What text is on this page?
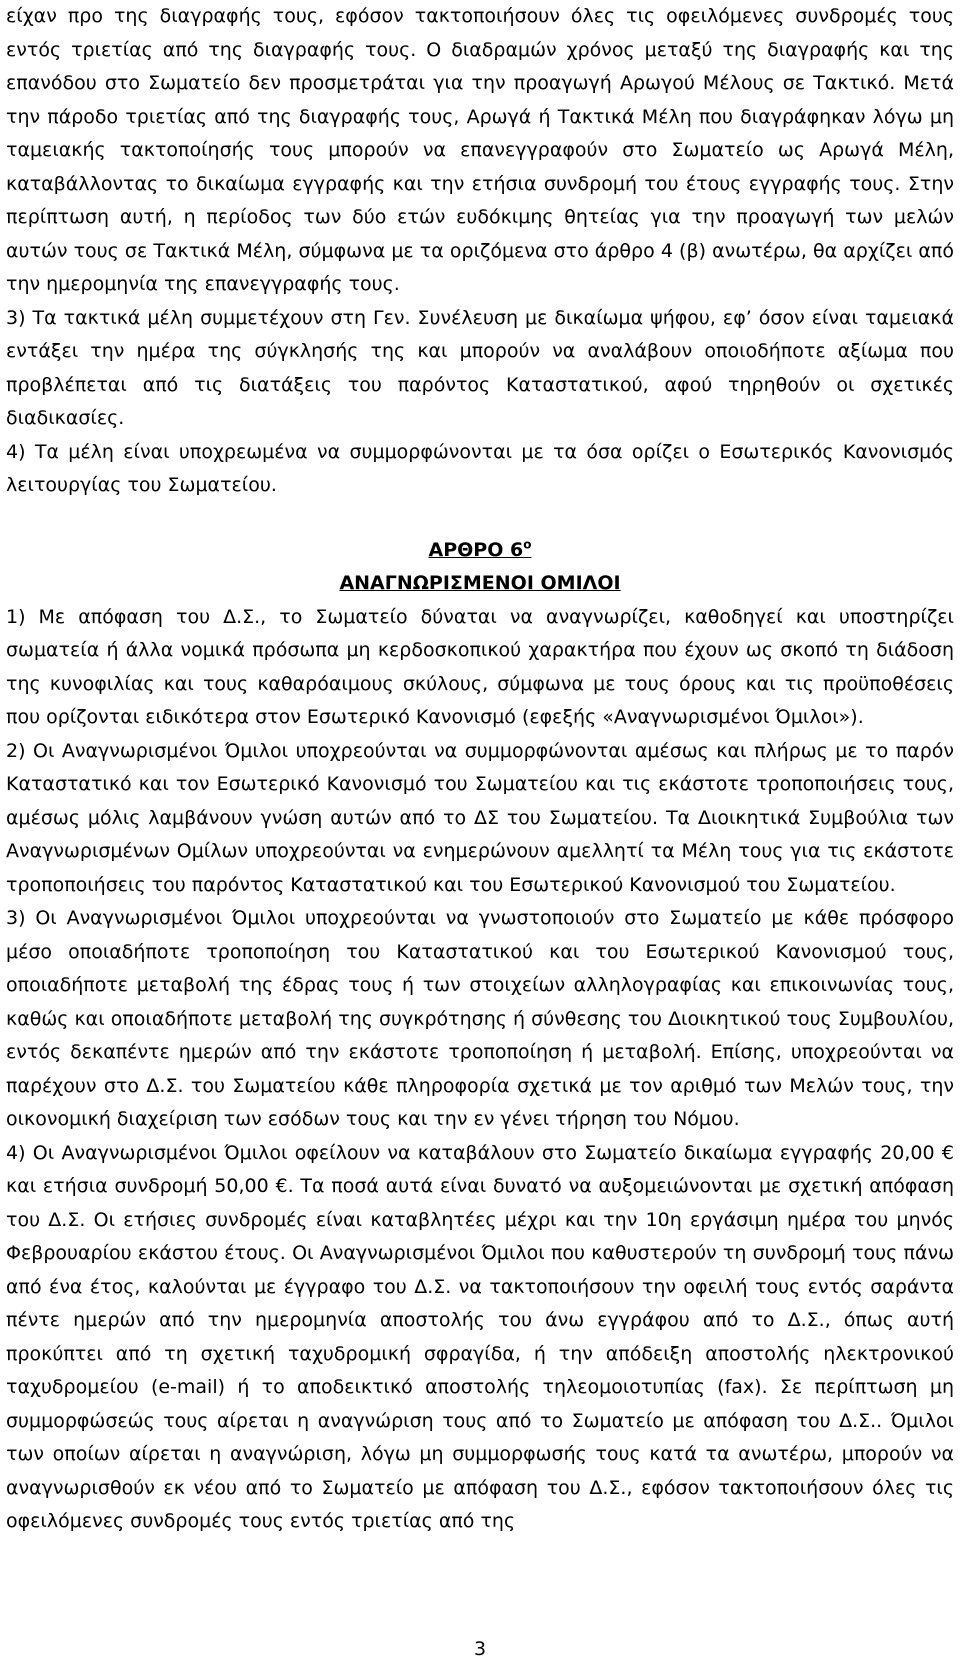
είχαν προ της διαγραφής τους, εφόσον τακτοποιήσουν όλες τις οφειλόμενες συνδρομές τους εντός τριετίας από της διαγραφής τους. Ο διαδραμών χρόνος μεταξύ της διαγραφής και της επανόδου στο Σωματείο δεν προσμετράται για την προαγωγή Αρωγού Μέλους σε Τακτικό. Μετά την πάροδο τριετίας από της διαγραφής τους, Αρωγά ή Τακτικά Μέλη που διαγράφηκαν λόγω μη ταμειακής τακτοποίησής τους μπορούν να επανεγγραφούν στο Σωματείο ως Αρωγά Μέλη, καταβάλλοντας το δικαίωμα εγγραφής και την ετήσια συνδρομή του έτους εγγραφής τους. Στην περίπτωση αυτή, η περίοδος των δύο ετών ευδόκιμης θητείας για την προαγωγή των μελών αυτών τους σε Τακτικά Μέλη, σύμφωνα με τα οριζόμενα στο άρθρο 4 (β) ανωτέρω, θα αρχίζει από την ημερομηνία της επανεγγραφής τους.

3) Τα τακτικά μέλη συμμετέχουν στη Γεν. Συνέλευση με δικαίωμα ψήφου, εφ’ όσον είναι ταμειακά εντάξει την ημέρα της σύγκλησής της και μπορούν να αναλάβουν οποιοδήποτε αξίωμα που προβλέπεται από τις διατάξεις του παρόντος Καταστατικού, αφού τηρηθούν οι σχετικές διαδικασίες.

4) Τα μέλη είναι υποχρεωμένα να συμμορφώνονται με τα όσα ορίζει ο Εσωτερικός Κανονισμός λειτουργίας του Σωματείου.

ΑΡΘΡΟ $6^o$
ΑΝΑΓΝΩΡΙΣΜΕΝΟΙ ΟΜΙΛΟΙ

1) Με απόφαση του Δ.Σ., το Σωματείο δύναται να αναγνωρίζει, καθοδηγεί και υποστηρίζει σωματεία ή άλλα νομικά πρόσωπα μη κερδοσκοπικού χαρακτήρα που έχουν ως σκοπό τη διάδοση της κυνοφιλίας και τους καθαρόαιμους σκύλους, σύμφωνα με τους όρους και τις προϋποθέσεις που ορίζονται ειδικότερα στον Εσωτερικό Κανονισμό (εφεξής «Αναγνωρισμένοι Όμιλοι»).

2) Οι Αναγνωρισμένοι Όμιλοι υποχρεούνται να συμμορφώνονται αμέσως και πλήρως με το παρόν Καταστατικό και τον Εσωτερικό Κανονισμό του Σωματείου και τις εκάστοτε τροποποιήσεις τους, αμέσως μόλις λαμβάνουν γνώση αυτών από το ΔΣ του Σωματείου. Τα Διοικητικά Συμβούλια των Αναγνωρισμένων Ομίλων υποχρεούνται να ενημερώνουν αμελλητί τα Μέλη τους για τις εκάστοτε τροποποιήσεις του παρόντος Καταστατικού και του Εσωτερικού Κανονισμού του Σωματείου.

3) Οι Αναγνωρισμένοι Όμιλοι υποχρεούνται να γνωστοποιούν στο Σωματείο με κάθε πρόσφορο μέσο οποιαδήποτε τροποποίηση του Καταστατικού και του Εσωτερικού Κανονισμού τους, οποιαδήποτε μεταβολή της έδρας τους ή των στοιχείων αλληλογραφίας και επικοινωνίας τους, καθώς και οποιαδήποτε μεταβολή της συγκρότησης ή σύνθεσης του Διοικητικού τους Συμβουλίου, εντός δεκαπέντε ημερών από την εκάστοτε τροποποίηση ή μεταβολή. Επίσης, υποχρεούνται να παρέχουν στο Δ.Σ. του Σωματείου κάθε πληροφορία σχετικά με τον αριθμό των Μελών τους, την οικονομική διαχείριση των εσόδων τους και την εν γένει τήρηση του Νόμου.

4) Οι Αναγνωρισμένοι Όμιλοι οφείλουν να καταβάλουν στο Σωματείο δικαίωμα εγγραφής 20,00 € και ετήσια συνδρομή 50,00 €. Τα ποσά αυτά είναι δυνατό να αυξομειώνονται με σχετική απόφαση του Δ.Σ. Οι ετήσιες συνδρομές είναι καταβλητέες μέχρι και την 10η εργάσιμη ημέρα του μηνός Φεβρουαρίου εκάστου έτους. Οι Αναγνωρισμένοι Όμιλοι που καθυστερούν τη συνδρομή τους πάνω από ένα έτος, καλούνται με έγγραφο του Δ.Σ. να τακτοποιήσουν την οφειλή τους εντός σαράντα πέντε ημερών από την ημερομηνία αποστολής του άνω εγγράφου από το Δ.Σ., όπως αυτή προκύπτει από τη σχετική ταχυδρομική σφραγίδα, ή την απόδειξη αποστολής ηλεκτρονικού ταχυδρομείου (e-mail) ή το αποδεικτικό αποστολής τηλεομοιοτυπίας (fax). Σε περίπτωση μη συμμορφώσεώς τους αίρεται η αναγνώριση τους από το Σωματείο με απόφαση του Δ.Σ.. Όμιλοι των οποίων αίρεται η αναγνώριση, λόγω μη συμμορφωσής τους κατά τα ανωτέρω, μπορούν να αναγνωρισθούν εκ νέου από το Σωματείο με απόφαση του Δ.Σ., εφόσον τακτοποιήσουν όλες τις οφειλόμενες συνδρομές τους εντός τριετίας από της

3
